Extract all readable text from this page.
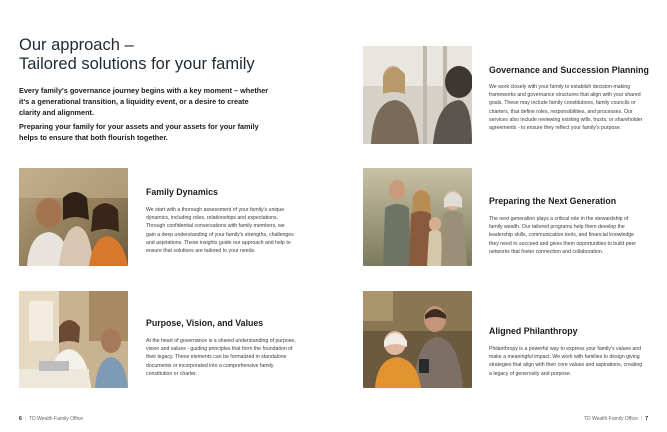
Our approach –
Tailored solutions for your family

Every family's governance journey begins with a key moment – whether it's a generational transition, a liquidity event, or a desire to create clarity and alignment.

Preparing your family for your assets and your assets for your family helps to ensure that both flourish together.

Family Dynamics
We start with a thorough assessment of your family's unique dynamics, including roles, relationships and expectations. Through confidential conversations with family members, we gain a deep understanding of your family's strengths, challenges and aspirations. These insights guide our approach and help to ensure that solutions are tailored to your needs.
Purpose, Vision, and Values
At the heart of governance is a shared understanding of purpose, vision and values - guiding principles that form the foundation of their legacy. These elements can be formalized in standalone documents or incorporated into a comprehensive family constitution or charter.
6 | TD Wealth Family Office
Governance and Succession Planning
We work closely with your family to establish decision-making frameworks and governance structures that align with your shared goals. These may include family constitutions, family councils or charters, that define roles, responsibilities, and processes. Our services also include reviewing existing wills, trusts, or shareholder agreements - to ensure they reflect your family's purpose.
Preparing the Next Generation
The next generation plays a critical role in the stewardship of family wealth. Our tailored programs help them develop the leadership skills, communication tools, and financial knowledge they need to succeed and gives them opportunities to build peer networks that foster connection and collaboration.
Aligned Philanthropy
Philanthropy is a powerful way to express your family's values and make a meaningful impact. We work with families to design giving strategies that align with their core values and aspirations, creating a legacy of generosity and purpose.
TD Wealth Family Office | 7
